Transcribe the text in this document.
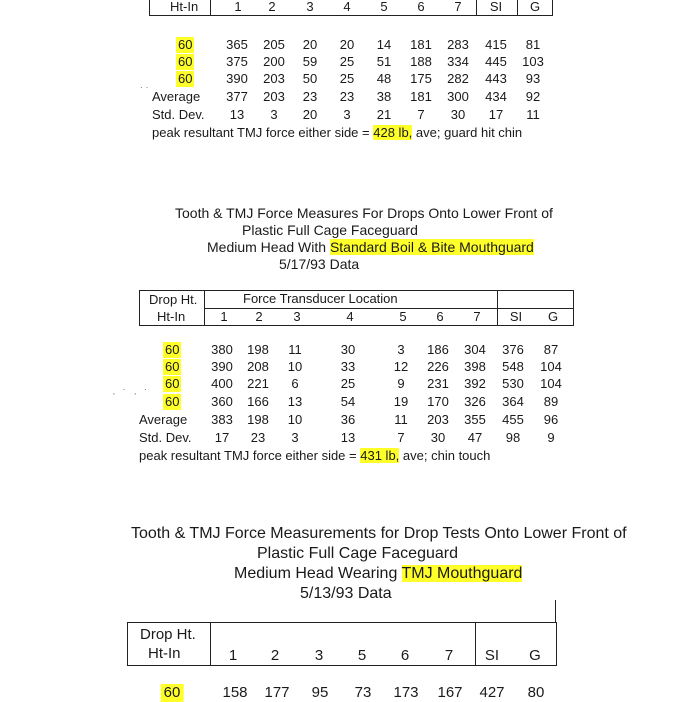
Ht-In	1 2 3 4 5 6 7 SI G
60	365 205 20 20 14 181 283 415 81
60	375 200 59 25 51 188 334 445 103
60	390 203 50 25 48 175 282 443 93
˙˙ Average 377 203 23 23 38 181 300 434 92
Std. Dev. 13 3 20 3 21 7 30 17 11
peak resultant TMJ force either side = 428 lb, ave; guard hit chin
Tooth & TMJ Force Measures For Drops Onto Lower Front of
Plastic Full Cage Faceguard
Medium Head With Standard Boil & Bite Mouthguard
5/17/93 Data
Drop Ht.
Ht-In
Force Transducer Location
1 2 3	4	5 6 7 SI G
60 380 198 11	30	3 186 304 376 87
60 390 208 10	33	12 226 398 548 104
60 400 221 6	25	9 231 392 530 104
· ˙ · ˙ 60 360 166 13	54	19 170 326 364 89
Average 383 198 10	36	11 203 355 455 96
Std. Dev. 17 23 3	13	7 30 47 98 9
peak resultant TMJ force either side = 431 lb, ave; chin touch
Tooth & TMJ Force Measurements for Drop Tests Onto Lower Front of
Plastic Full Cage Faceguard
Medium Head Wearing TMJ Mouthguard
5/13/93 Data
Drop Ht.
Ht-In	1 2 3 5 6 7 SI G
60	158 177 95 73 173 167 427 80
